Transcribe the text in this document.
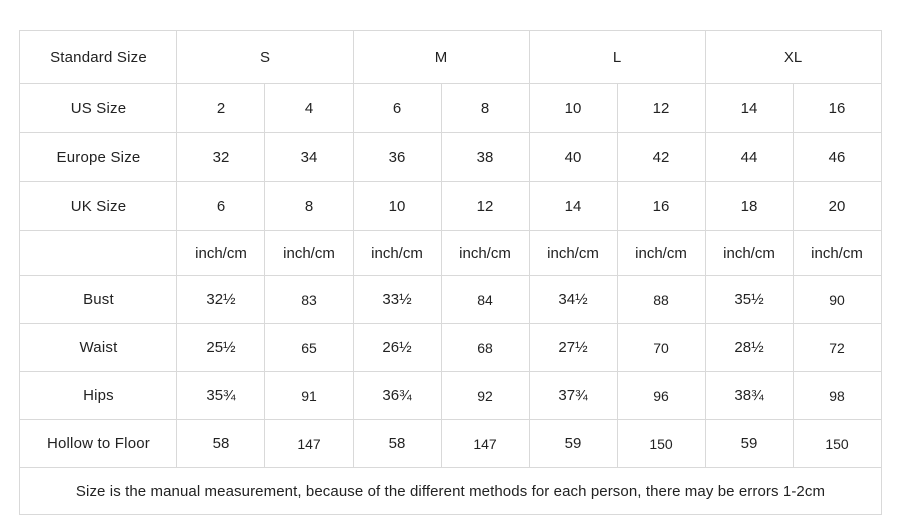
Standard Size	S		M		L		XL	
US Size	2	4	6	8	10	12	14	16
Europe Size	32	34	36	38	40	42	44	46
UK Size	6	8	10	12	14	16	18	20
	inch/cm	inch/cm	inch/cm	inch/cm	inch/cm	inch/cm	inch/cm	inch/cm
Bust	32½	83	33½	84	34½	88	35½	90
Waist	25½	65	26½	68	27½	70	28½	72
Hips	35¾	91	36¾	92	37¾	96	38¾	98
Hollow to Floor	58	147	58	147	59	150	59	150
Size is the manual measurement, because of the different methods for each person, there may be errors 1-2cm								
